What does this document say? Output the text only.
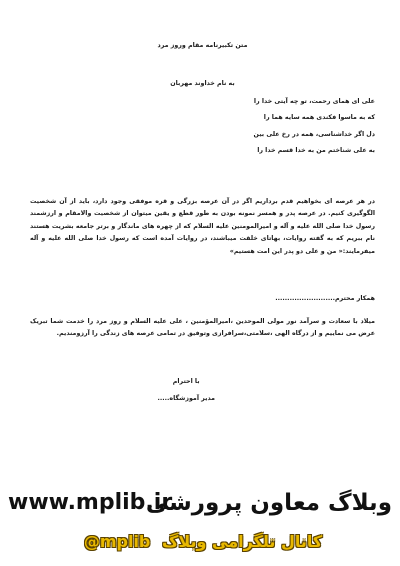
متن تکبیرنامه مقام وروز مرد
به نام خداوند مهربان
علی ای همای رحمت، تو چه آیتی خدا را
که به ماسوا فکندی همه سایه هما را
دل اگر خداشناسی، همه در رخ علی بین
به علی شناختم من به خدا قسم خدا را
در هر عرصه ای بخواهیم قدم برداریم اگر در آن عرصه بزرگی و قره موفقی وجود دارد، باید از آن شخصیت الگوگیری کنیم. در عرصه پدر و همسر نمونه بودن به طور قطع و یقین میتوان از شخصیت والامقام و ارزشمند رسول خدا صلی الله علیه و آله و امیرالمومنین علیه السلام که از چهره های ماندگار و برتر جامعه بشریت هستند نام ببریم که به گفته روایات، بهاتای خلقت میباشند، در روایات آمده است که رسول خدا صلی الله علیه و آله میفرمایند:« من و علی دو پدر این امت هستیم»
همکار محترم.........................
میلاد با سعادت و سرآمد نور مولی الموحدین ،امیرالمؤمنین ، علی علیه السلام و روز مرد را خدمت شما تبریک عرض می نماییم و از درگاه الهی ،سلامتی،سرافرازی وتوفیق در تمامی عرصه های زندگی را آرزومندیم.
با احترام
مدیر آموزشگاه.....
www.mplib.ir
وبلاگ معاون پرورشی
کانال تلگرامی وبلاگ @mplib
